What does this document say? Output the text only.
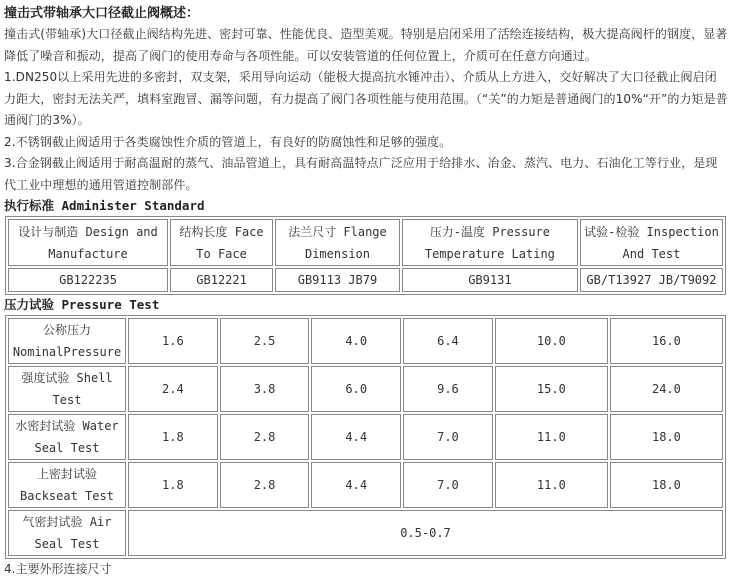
撞击式带轴承大口径截止阀概述：
撞击式(带轴承)大口径截止阀结构先进、密封可靠、性能优良、造型美观。特别是启闭采用了活绘连接结构，极大提高阀杆的钢度，显著降低了噪音和振动，提高了阀门的使用寿命与各项性能。可以安装管道的任何位置上，介质可在任意方向通过。
1.DN250以上采用先进的多密封，双支架，采用导向运动（能极大提高抗水锤冲击）、介质从上方进入，交好解决了大口径截止阀启闭力距大，密封无法关严，填料室跑冒、漏等问题，有力提高了阀门各项性能与使用范围。（“关”的力矩是普通阀门的10%“开”的力矩是普通阀门的3%）。
2.不锈钢截止阀适用于各类腐蚀性介质的管道上，有良好的防腐蚀性和足够的强度。
3.合金钢截止阀适用于耐高温耐的蒸气、油品管道上，具有耐高温特点广泛应用于给排水、冶金、蒸汽、电力、石油化工等行业，是现代工业中理想的通用管道控制部件。
执行标准 Administer Standard
设计与制造 Design and Manufacture	结构长度 Face To Face	法兰尺寸 Flange Dimension	压力-温度 Pressure Temperature Lating	试验-检验 Inspection And Test
GB122235	GB12221	GB9113 JB79	GB9131	GB/T13927 JB/T9092
压力试验 Pressure Test
公称压力 NominalPressure	1.6	2.5	4.0	6.4	10.0	16.0
强度试验 Shell Test	2.4	3.8	6.0	9.6	15.0	24.0
水密封试验 Water Seal Test	1.8	2.8	4.4	7.0	11.0	18.0
上密封试验 Backseat Test	1.8	2.8	4.4	7.0	11.0	18.0
气密封试验 Air Seal Test	0.5-0.7					
4.主要外形连接尺寸
